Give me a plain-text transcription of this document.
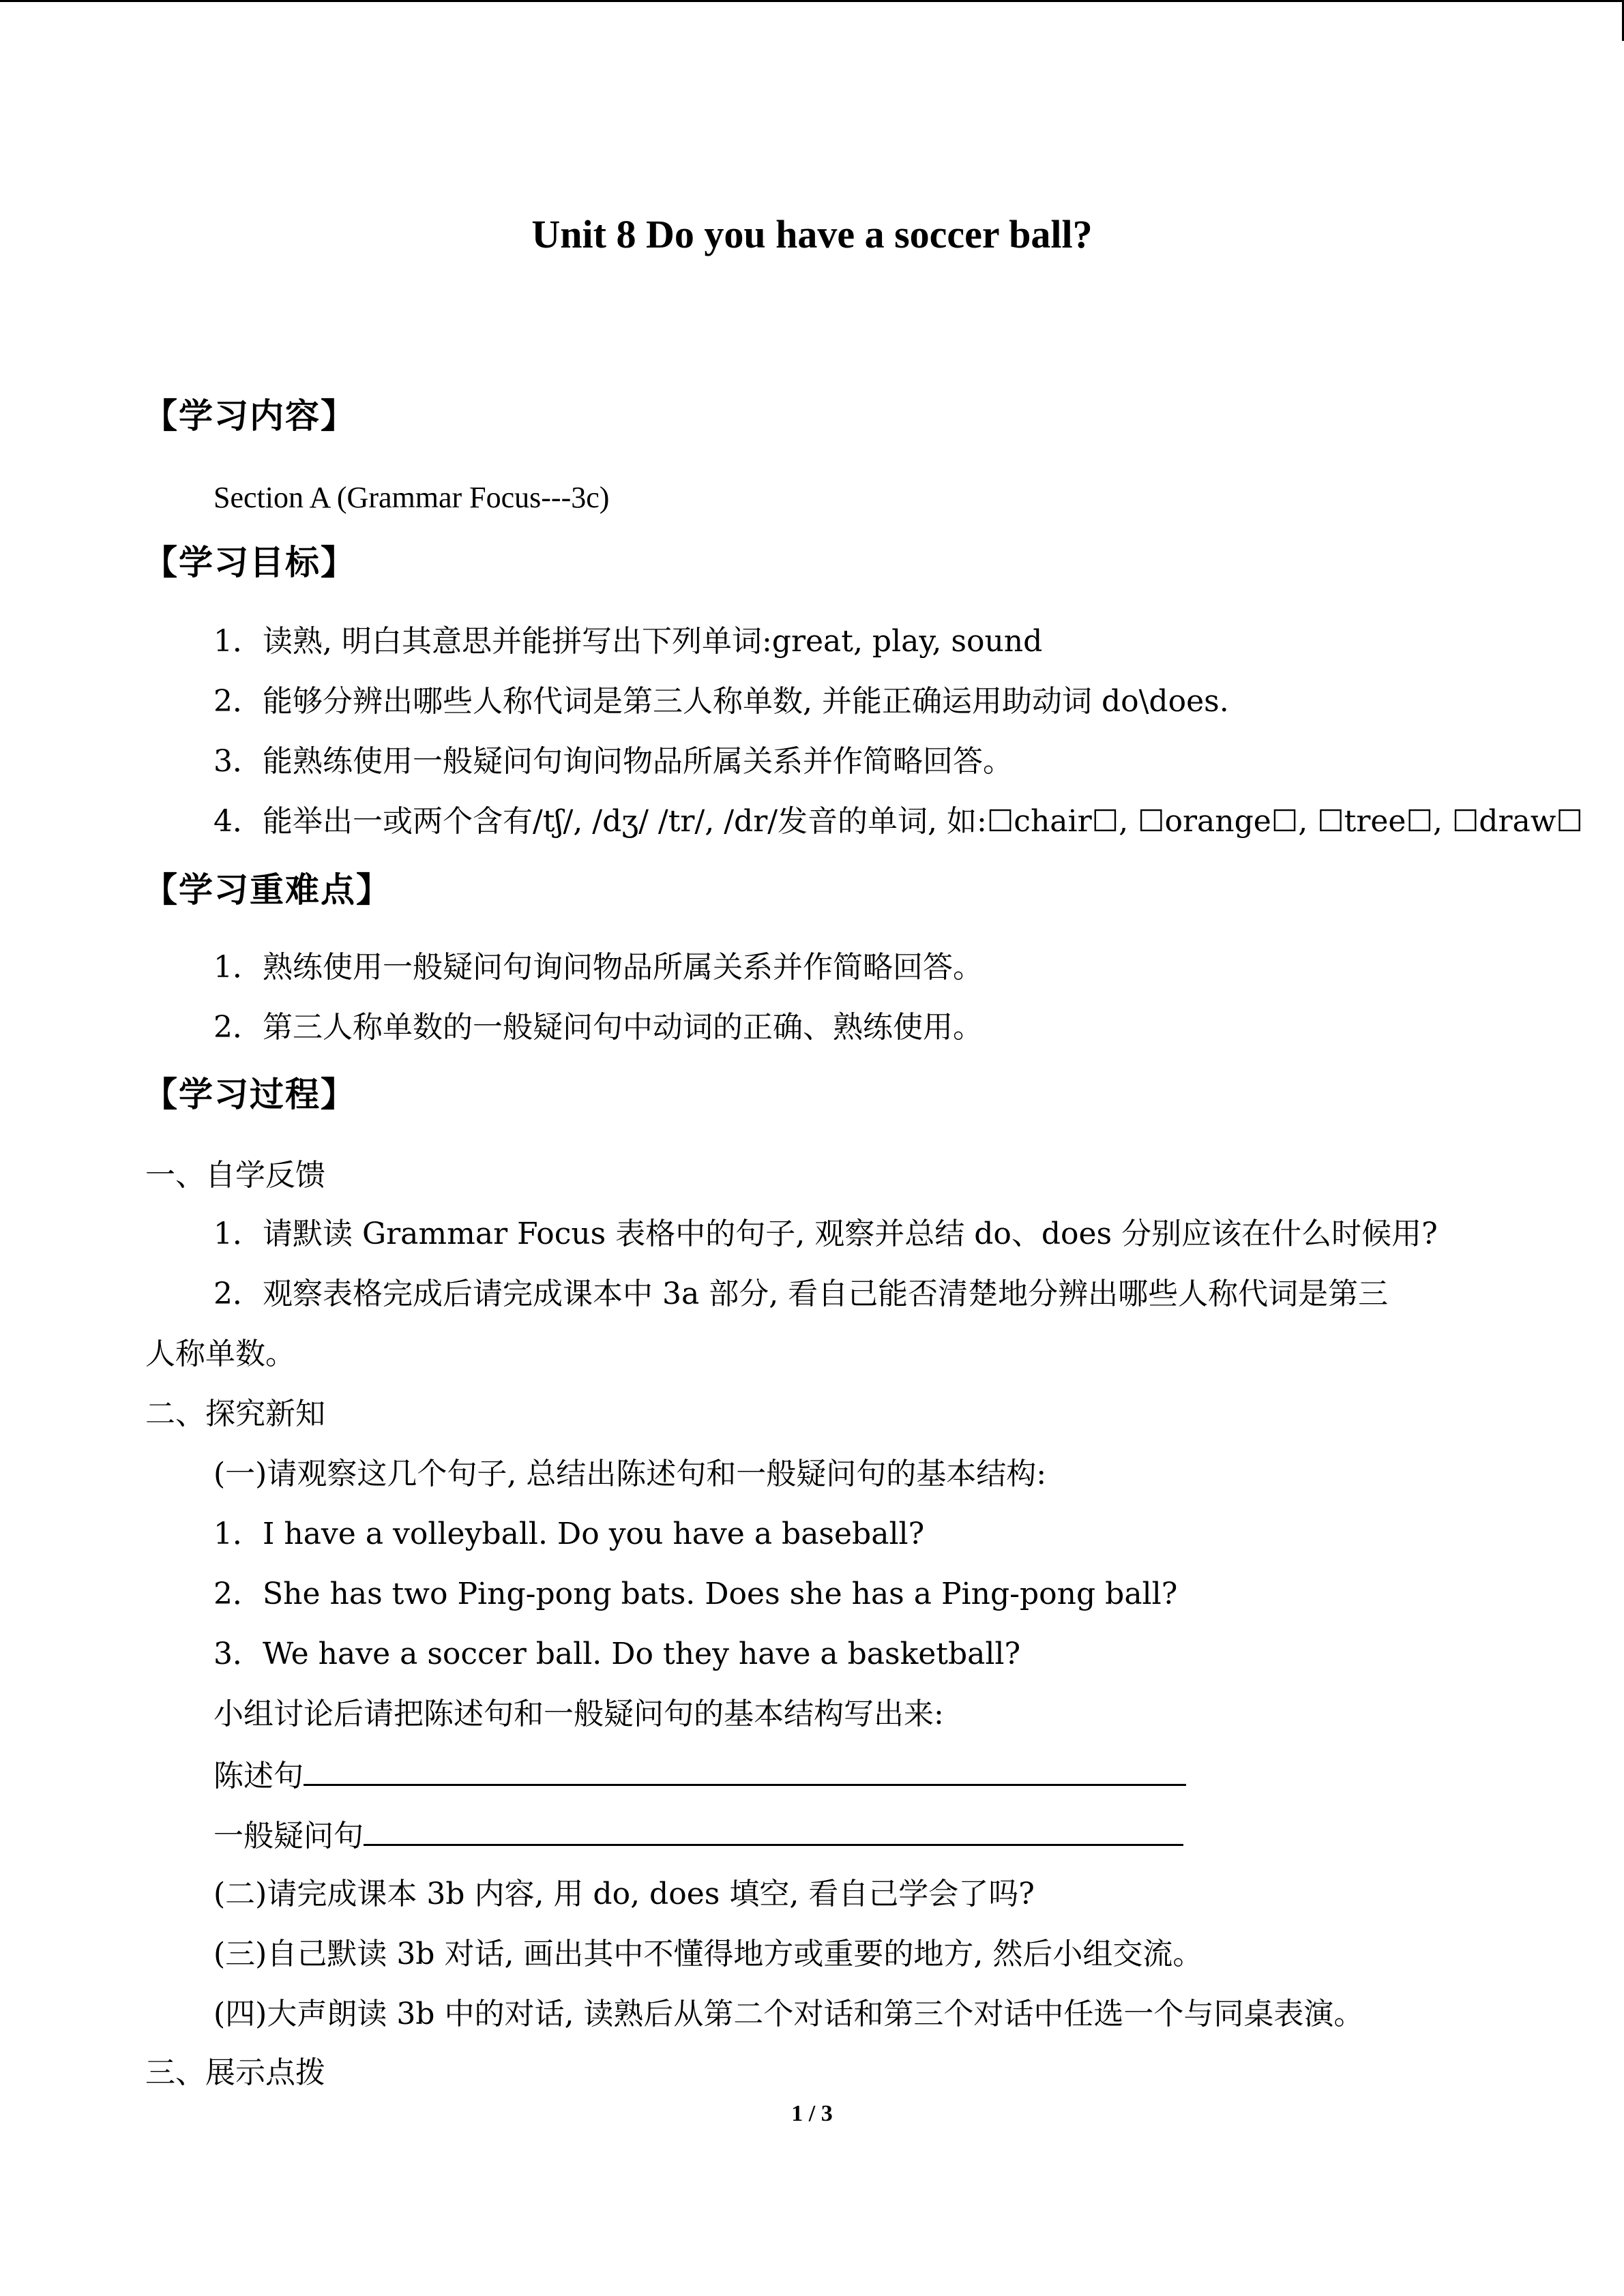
Unit 8 Do you have a soccer ball?
【学习内容】
Section A (Grammar Focus---3c)
【学习目标】
1．读熟, 明白其意思并能拼写出下列单词:great, play, sound
2．能够分辨出哪些人称代词是第三人称单数, 并能正确运用助动词 do\does.
3．能熟练使用一般疑问句询问物品所属关系并作简略回答。
4．能举出一或两个含有/tʃ/, /dʒ/ /tr/, /dr/发音的单词, 如:☐chair☐, ☐orange☐, ☐tree☐, ☐draw☐
【学习重难点】
1．熟练使用一般疑问句询问物品所属关系并作简略回答。
2．第三人称单数的一般疑问句中动词的正确、熟练使用。
【学习过程】
一、自学反馈
1．请默读 Grammar Focus 表格中的句子, 观察并总结 do、does 分别应该在什么时候用?
2．观察表格完成后请完成课本中 3a 部分, 看自己能否清楚地分辨出哪些人称代词是第三
人称单数。
二、探究新知
(一)请观察这几个句子, 总结出陈述句和一般疑问句的基本结构:
1．I have a volleyball. Do you have a baseball?
2．She has two Ping-pong bats. Does she has a Ping-pong ball?
3．We have a soccer ball. Do they have a basketball?
小组讨论后请把陈述句和一般疑问句的基本结构写出来:
陈述句
一般疑问句
(二)请完成课本 3b 内容, 用 do, does 填空, 看自己学会了吗?
(三)自己默读 3b 对话, 画出其中不懂得地方或重要的地方, 然后小组交流。
(四)大声朗读 3b 中的对话, 读熟后从第二个对话和第三个对话中任选一个与同桌表演。
三、展示点拨
1 / 3
